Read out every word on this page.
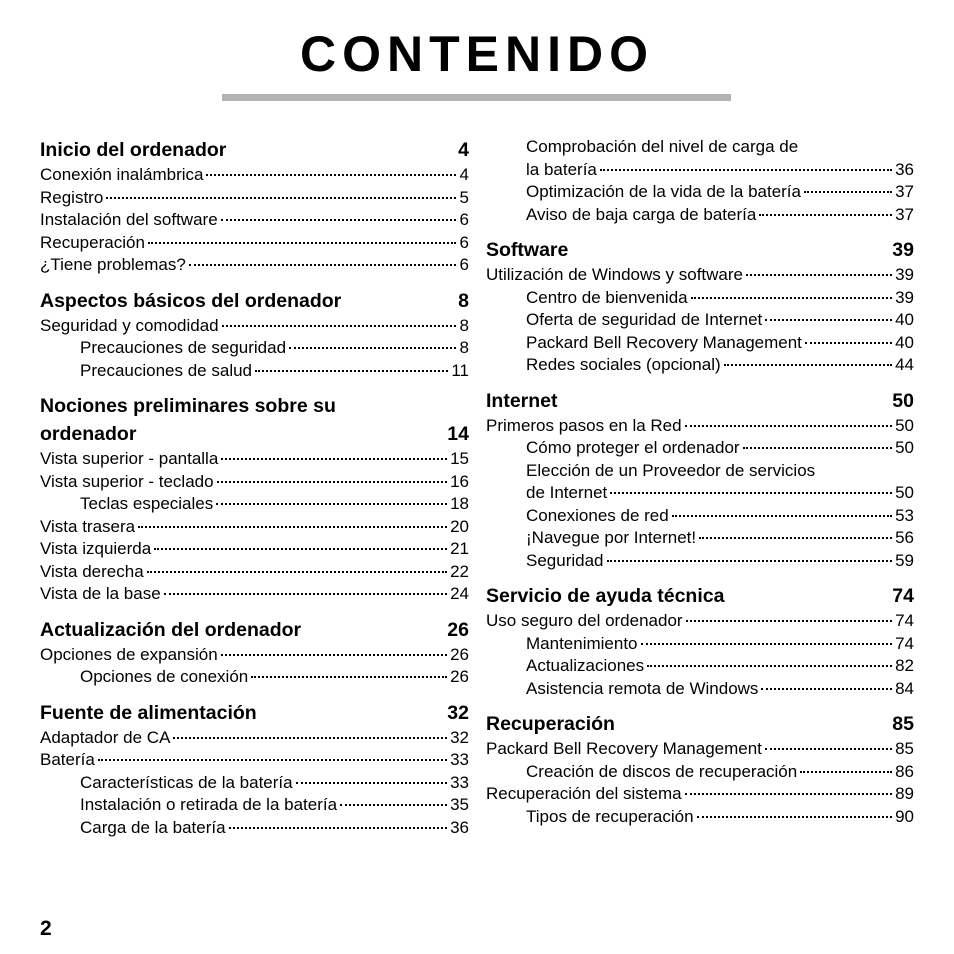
CONTENIDO
Inicio del ordenador	4
Conexión inalámbrica	4
Registro	5
Instalación del software	6
Recuperación	6
¿Tiene problemas?	6
Aspectos básicos del ordenador	8
Seguridad y comodidad	8
Precauciones de seguridad	8
Precauciones de salud	11
Nociones preliminares sobre su ordenador	14
Vista superior - pantalla	15
Vista superior - teclado	16
Teclas especiales	18
Vista trasera	20
Vista izquierda	21
Vista derecha	22
Vista de la base	24
Actualización del ordenador	26
Opciones de expansión	26
Opciones de conexión	26
Fuente de alimentación	32
Adaptador de CA	32
Batería	33
Características de la batería	33
Instalación o retirada de la batería	35
Carga de la batería	36
Comprobación del nivel de carga de
la batería	36
Optimización de la vida de la batería	37
Aviso de baja carga de batería	37
Software	39
Utilización de Windows y software	39
Centro de bienvenida	39
Oferta de seguridad de Internet	40
Packard Bell Recovery Management	40
Redes sociales (opcional)	44
Internet	50
Primeros pasos en la Red	50
Cómo proteger el ordenador	50
Elección de un Proveedor de servicios
de Internet	50
Conexiones de red	53
¡Navegue por Internet!	56
Seguridad	59
Servicio de ayuda técnica	74
Uso seguro del ordenador	74
Mantenimiento	74
Actualizaciones	82
Asistencia remota de Windows	84
Recuperación	85
Packard Bell Recovery Management	85
Creación de discos de recuperación	86
Recuperación del sistema	89
Tipos de recuperación	90
2
